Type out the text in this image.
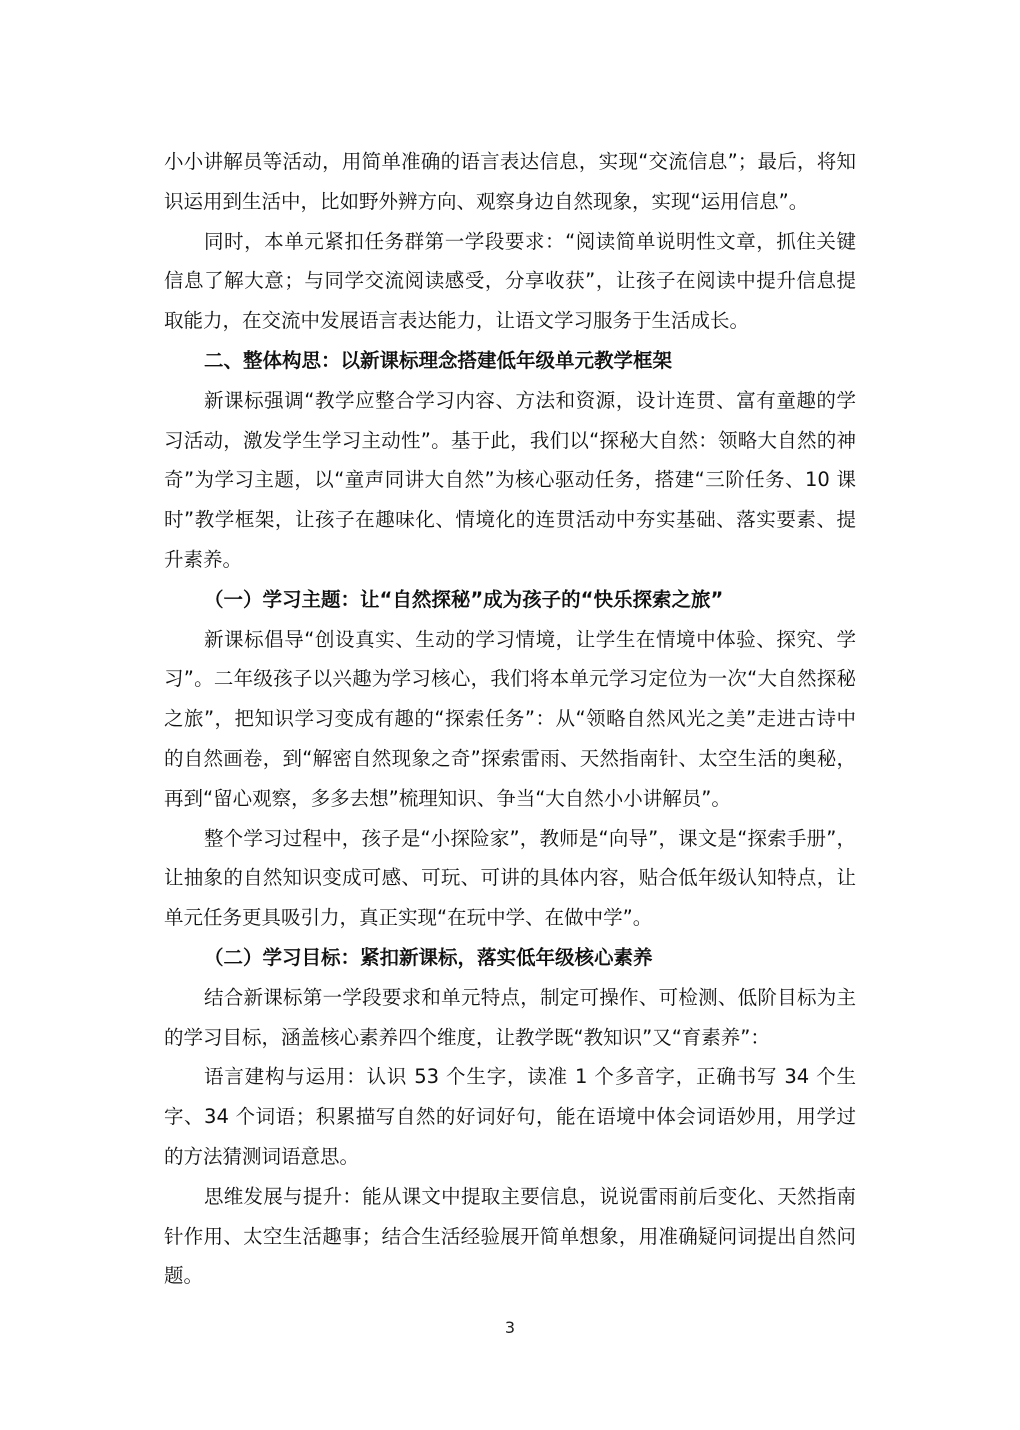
小小讲解员等活动，用简单准确的语言表达信息，实现“交流信息”；最后，将知识运用到生活中，比如野外辨方向、观察身边自然现象，实现“运用信息”。

同时，本单元紧扣任务群第一学段要求：“阅读简单说明性文章，抓住关键信息了解大意；与同学交流阅读感受，分享收获”，让孩子在阅读中提升信息提取能力，在交流中发展语言表达能力，让语文学习服务于生活成长。

二、整体构思：以新课标理念搭建低年级单元教学框架

新课标强调“教学应整合学习内容、方法和资源，设计连贯、富有童趣的学习活动，激发学生学习主动性”。基于此，我们以“探秘大自然：领略大自然的神奇”为学习主题，以“童声同讲大自然”为核心驱动任务，搭建“三阶任务、10 课时”教学框架，让孩子在趣味化、情境化的连贯活动中夯实基础、落实要素、提升素养。

（一）学习主题：让“自然探秘”成为孩子的“快乐探索之旅”

新课标倡导“创设真实、生动的学习情境，让学生在情境中体验、探究、学习”。二年级孩子以兴趣为学习核心，我们将本单元学习定位为一次“大自然探秘之旅”，把知识学习变成有趣的“探索任务”：从“领略自然风光之美”走进古诗中的自然画卷，到“解密自然现象之奇”探索雷雨、天然指南针、太空生活的奥秘，再到“留心观察，多多去想”梳理知识、争当“大自然小小讲解员”。

整个学习过程中，孩子是“小探险家”，教师是“向导”，课文是“探索手册”，让抽象的自然知识变成可感、可玩、可讲的具体内容，贴合低年级认知特点，让单元任务更具吸引力，真正实现“在玩中学、在做中学”。

（二）学习目标：紧扣新课标，落实低年级核心素养

结合新课标第一学段要求和单元特点，制定可操作、可检测、低阶目标为主的学习目标，涵盖核心素养四个维度，让教学既“教知识”又“育素养”：

语言建构与运用：认识 53 个生字，读准 1 个多音字，正确书写 34 个生字、34 个词语；积累描写自然的好词好句，能在语境中体会词语妙用，用学过的方法猜测词语意思。

思维发展与提升：能从课文中提取主要信息，说说雷雨前后变化、天然指南针作用、太空生活趣事；结合生活经验展开简单想象，用准确疑问词提出自然问题。

3
